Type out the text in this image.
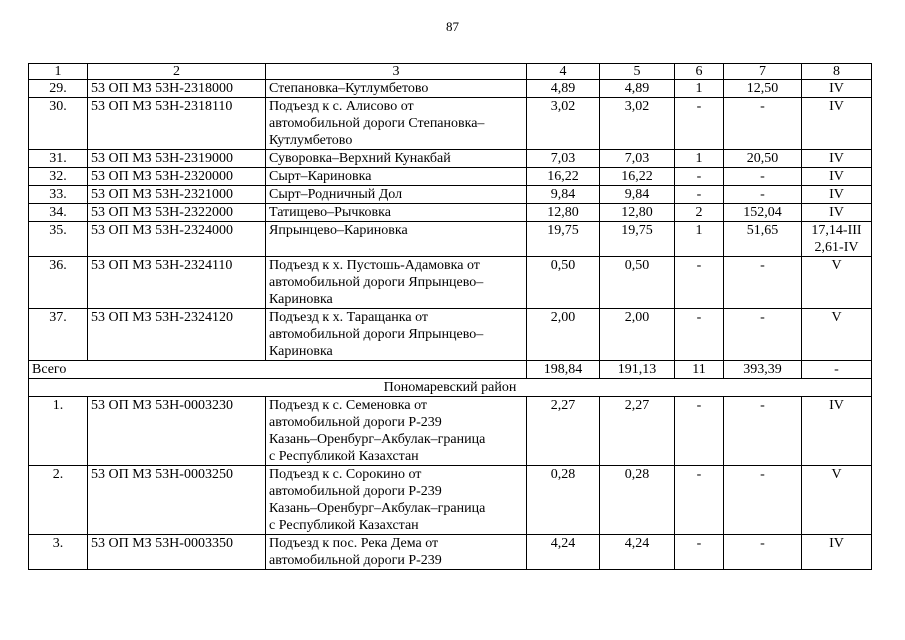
87
1	2	3	4	5	6	7	8
29.	53 ОП МЗ 53Н-2318000	Степановка–Кутлумбетово	4,89	4,89	1	12,50	IV
30.	53 ОП МЗ 53Н-2318110	Подъезд к с. Алисово от
автомобильной дороги Степановка–
Кутлумбетово	3,02	3,02	-	-	IV
31.	53 ОП МЗ 53Н-2319000	Суворовка–Верхний Кунакбай	7,03	7,03	1	20,50	IV
32.	53 ОП МЗ 53Н-2320000	Сырт–Кариновка	16,22	16,22	-	-	IV
33.	53 ОП МЗ 53Н-2321000	Сырт–Родничный Дол	9,84	9,84	-	-	IV
34.	53 ОП МЗ 53Н-2322000	Татищево–Рычковка	12,80	12,80	2	152,04	IV
35.	53 ОП МЗ 53Н-2324000	Япрынцево–Кариновка	19,75	19,75	1	51,65	17,14-III
2,61-IV
36.	53 ОП МЗ 53Н-2324110	Подъезд к х. Пустошь-Адамовка от
автомобильной дороги Япрынцево–
Кариновка	0,50	0,50	-	-	V
37.	53 ОП МЗ 53Н-2324120	Подъезд к х. Таращанка от
автомобильной дороги Япрынцево–
Кариновка	2,00	2,00	-	-	V
Всего			198,84	191,13	11	393,39	-
Пономаревский район							
1.	53 ОП МЗ 53Н-0003230	Подъезд к с. Семеновка от
автомобильной дороги Р-239
Казань–Оренбург–Акбулак–граница
с Республикой Казахстан	2,27	2,27	-	-	IV
2.	53 ОП МЗ 53Н-0003250	Подъезд к с. Сорокино от
автомобильной дороги Р-239
Казань–Оренбург–Акбулак–граница
с Республикой Казахстан	0,28	0,28	-	-	V
3.	53 ОП МЗ 53Н-0003350	Подъезд к пос. Река Дема от
автомобильной дороги Р-239	4,24	4,24	-	-	IV
